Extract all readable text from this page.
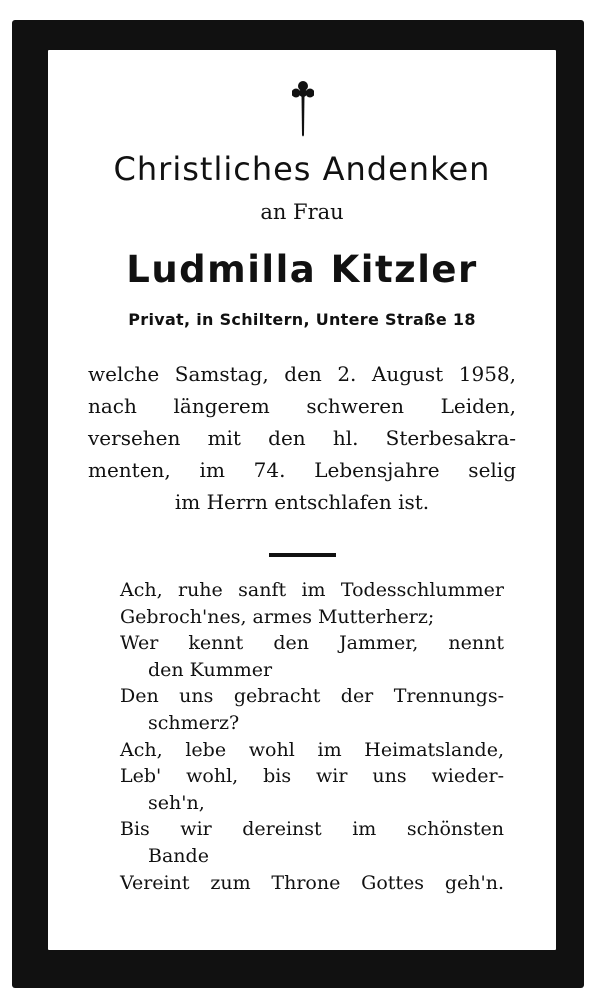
Christliches Andenken
an Frau
Ludmilla Kitzler
Privat, in Schiltern, Untere Straße 18
welche Samstag, den 2. August 1958,
nach längerem schweren Leiden,
versehen mit den hl. Sterbesakra-
menten, im 74. Lebensjahre selig
im Herrn entschlafen ist.
Ach, ruhe sanft im Todesschlummer
Gebroch'nes, armes Mutterherz;
Wer kennt den Jammer, nennt
den Kummer
Den uns gebracht der Trennungs-
schmerz?
Ach, lebe wohl im Heimatslande,
Leb' wohl, bis wir uns wieder-
seh'n,
Bis wir dereinst im schönsten
Bande
Vereint zum Throne Gottes geh'n.
